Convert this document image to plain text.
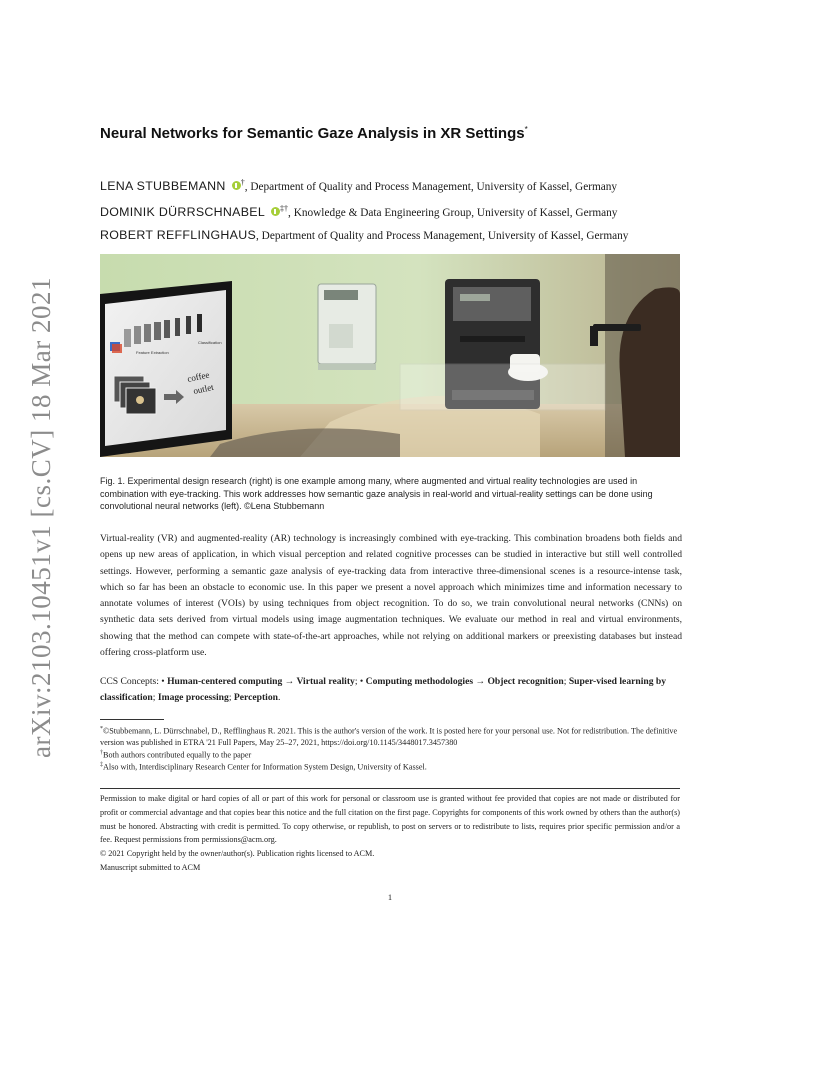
arXiv:2103.10451v1 [cs.CV] 18 Mar 2021
Neural Networks for Semantic Gaze Analysis in XR Settings*
LENA STUBBEMANN †, Department of Quality and Process Management, University of Kassel, Germany
DOMINIK DÜRRSCHNABEL ‡†, Knowledge & Data Engineering Group, University of Kassel, Germany
ROBERT REFFLINGHAUS, Department of Quality and Process Management, University of Kassel, Germany
Feature Extraction
Classification
coffee
outlet
Fig. 1. Experimental design research (right) is one example among many, where augmented and virtual reality technologies are used in combination with eye-tracking. This work addresses how semantic gaze analysis in real-world and virtual-reality settings can be done using convolutional neural networks (left). ©Lena Stubbemann
Virtual-reality (VR) and augmented-reality (AR) technology is increasingly combined with eye-tracking. This combination broadens both fields and opens up new areas of application, in which visual perception and related cognitive processes can be studied in interactive but still well controlled settings. However, performing a semantic gaze analysis of eye-tracking data from interactive three-dimensional scenes is a resource-intense task, which so far has been an obstacle to economic use. In this paper we present a novel approach which minimizes time and information necessary to annotate volumes of interest (VOIs) by using techniques from object recognition. To do so, we train convolutional neural networks (CNNs) on synthetic data sets derived from virtual models using image augmentation techniques. We evaluate our method in real and virtual environments, showing that the method can compete with state-of-the-art approaches, while not relying on additional markers or preexisting databases but instead offering cross-platform use.
CCS Concepts: • Human-centered computing → Virtual reality; • Computing methodologies → Object recognition; Super-vised learning by classification; Image processing; Perception.
*©Stubbemann, L. Dürrschnabel, D., Refflinghaus R. 2021. This is the author's version of the work. It is posted here for your personal use. Not for redistribution. The definitive version was published in ETRA '21 Full Papers, May 25–27, 2021, https://doi.org/10.1145/3448017.3457380
†Both authors contributed equally to the paper
‡Also with, Interdisciplinary Research Center for Information System Design, University of Kassel.
Permission to make digital or hard copies of all or part of this work for personal or classroom use is granted without fee provided that copies are not made or distributed for profit or commercial advantage and that copies bear this notice and the full citation on the first page. Copyrights for components of this work owned by others than the author(s) must be honored. Abstracting with credit is permitted. To copy otherwise, or republish, to post on servers or to redistribute to lists, requires prior specific permission and/or a fee. Request permissions from permissions@acm.org.
© 2021 Copyright held by the owner/author(s). Publication rights licensed to ACM.
Manuscript submitted to ACM
1
